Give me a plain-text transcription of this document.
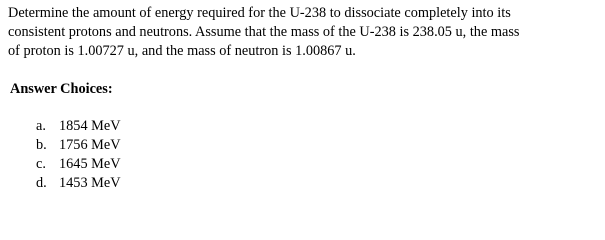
Determine the amount of energy required for the U-238 to dissociate completely into its
consistent protons and neutrons. Assume that the mass of the U-238 is 238.05 u, the mass
of proton is 1.00727 u, and the mass of neutron is 1.00867 u.
Answer Choices:
a. 1854 MeV
b. 1756 MeV
c. 1645 MeV
d. 1453 MeV
